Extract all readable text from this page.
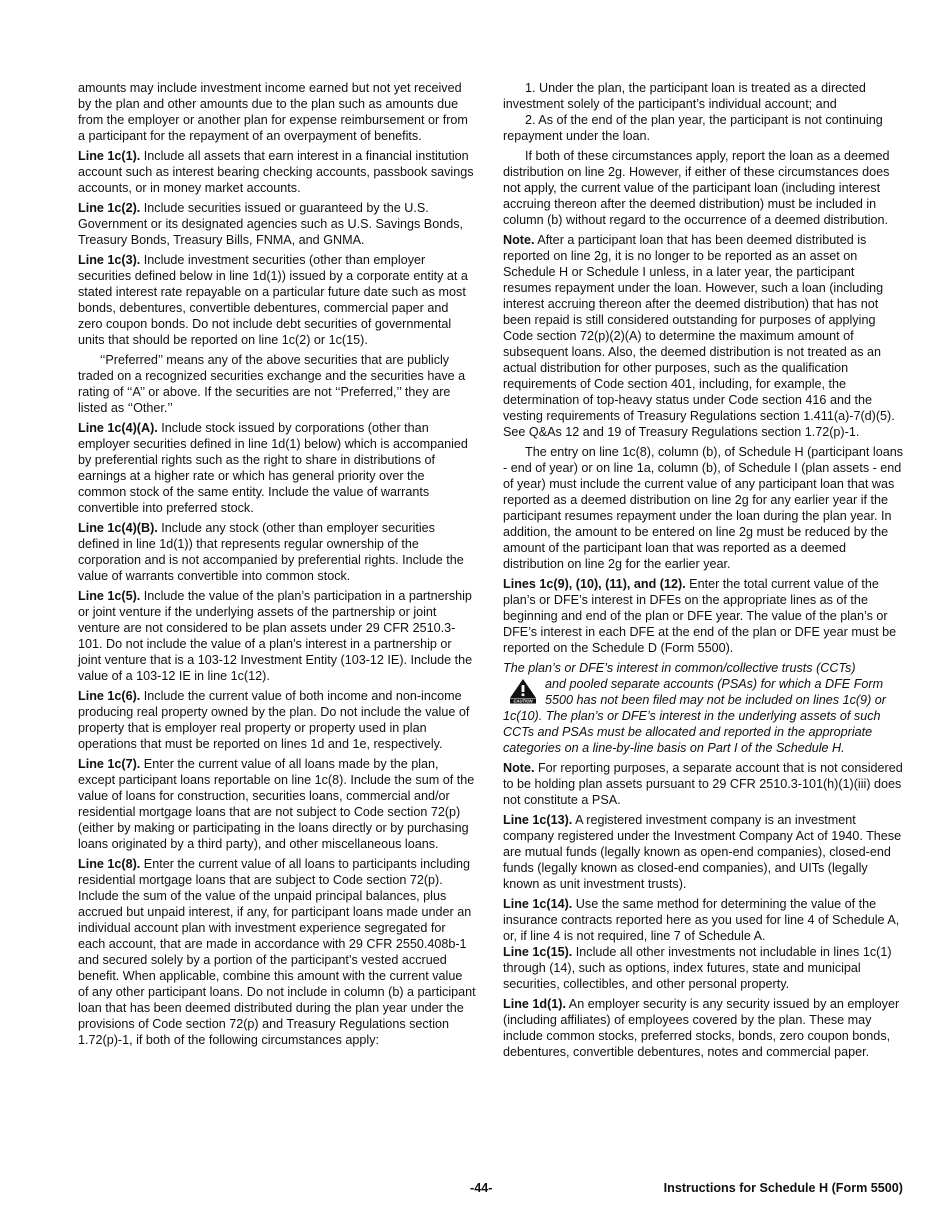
amounts may include investment income earned but not yet received by the plan and other amounts due to the plan such as amounts due from the employer or another plan for expense reimbursement or from a participant for the repayment of an overpayment of benefits.

Line 1c(1). Include all assets that earn interest in a financial institution account such as interest bearing checking accounts, passbook savings accounts, or in money market accounts.

Line 1c(2). Include securities issued or guaranteed by the U.S. Government or its designated agencies such as U.S. Savings Bonds, Treasury Bonds, Treasury Bills, FNMA, and GNMA.

Line 1c(3). Include investment securities (other than employer securities defined below in line 1d(1)) issued by a corporate entity at a stated interest rate repayable on a particular future date such as most bonds, debentures, convertible debentures, commercial paper and zero coupon bonds. Do not include debt securities of governmental units that should be reported on line 1c(2) or 1c(15).

‘‘Preferred’’ means any of the above securities that are publicly traded on a recognized securities exchange and the securities have a rating of ‘‘A’’ or above. If the securities are not ‘‘Preferred,’’ they are listed as ‘‘Other.’’

Line 1c(4)(A). Include stock issued by corporations (other than employer securities defined in line 1d(1) below) which is accompanied by preferential rights such as the right to share in distributions of earnings at a higher rate or which has general priority over the common stock of the same entity. Include the value of warrants convertible into preferred stock.

Line 1c(4)(B). Include any stock (other than employer securities defined in line 1d(1)) that represents regular ownership of the corporation and is not accompanied by preferential rights. Include the value of warrants convertible into common stock.

Line 1c(5). Include the value of the plan’s participation in a partnership or joint venture if the underlying assets of the partnership or joint venture are not considered to be plan assets under 29 CFR 2510.3-101. Do not include the value of a plan’s interest in a partnership or joint venture that is a 103-12 Investment Entity (103-12 IE). Include the value of a 103-12 IE in line 1c(12).

Line 1c(6). Include the current value of both income and non-income producing real property owned by the plan. Do not include the value of property that is employer real property or property used in plan operations that must be reported on lines 1d and 1e, respectively.

Line 1c(7). Enter the current value of all loans made by the plan, except participant loans reportable on line 1c(8). Include the sum of the value of loans for construction, securities loans, commercial and/or residential mortgage loans that are not subject to Code section 72(p) (either by making or participating in the loans directly or by purchasing loans originated by a third party), and other miscellaneous loans.

Line 1c(8). Enter the current value of all loans to participants including residential mortgage loans that are subject to Code section 72(p). Include the sum of the value of the unpaid principal balances, plus accrued but unpaid interest, if any, for participant loans made under an individual account plan with investment experience segregated for each account, that are made in accordance with 29 CFR 2550.408b-1 and secured solely by a portion of the participant’s vested accrued benefit. When applicable, combine this amount with the current value of any other participant loans. Do not include in column (b) a participant loan that has been deemed distributed during the plan year under the provisions of Code section 72(p) and Treasury Regulations section 1.72(p)-1, if both of the following circumstances apply:

1. Under the plan, the participant loan is treated as a directed investment solely of the participant’s individual account; and

2. As of the end of the plan year, the participant is not continuing repayment under the loan.

If both of these circumstances apply, report the loan as a deemed distribution on line 2g. However, if either of these circumstances does not apply, the current value of the participant loan (including interest accruing thereon after the deemed distribution) must be included in column (b) without regard to the occurrence of a deemed distribution.

Note. After a participant loan that has been deemed distributed is reported on line 2g, it is no longer to be reported as an asset on Schedule H or Schedule I unless, in a later year, the participant resumes repayment under the loan. However, such a loan (including interest accruing thereon after the deemed distribution) that has not been repaid is still considered outstanding for purposes of applying Code section 72(p)(2)(A) to determine the maximum amount of subsequent loans. Also, the deemed distribution is not treated as an actual distribution for other purposes, such as the qualification requirements of Code section 401, including, for example, the determination of top-heavy status under Code section 416 and the vesting requirements of Treasury Regulations section 1.411(a)-7(d)(5). See Q&As 12 and 19 of Treasury Regulations section 1.72(p)-1.

The entry on line 1c(8), column (b), of Schedule H (participant loans - end of year) or on line 1a, column (b), of Schedule I (plan assets - end of year) must include the current value of any participant loan that was reported as a deemed distribution on line 2g for any earlier year if the participant resumes repayment under the loan during the plan year. In addition, the amount to be entered on line 2g must be reduced by the amount of the participant loan that was reported as a deemed distribution on line 2g for the earlier year.

Lines 1c(9), (10), (11), and (12). Enter the total current value of the plan’s or DFE’s interest in DFEs on the appropriate lines as of the beginning and end of the plan or DFE year. The value of the plan’s or DFE’s interest in each DFE at the end of the plan or DFE year must be reported on the Schedule D (Form 5500).

The plan’s or DFE’s interest in common/collective trusts (CCTs)
CAUTION
and pooled separate accounts (PSAs) for which a DFE Form 5500 has not been filed may not be included on lines 1c(9) or 1c(10). The plan’s or DFE’s interest in the underlying assets of such CCTs and PSAs must be allocated and reported in the appropriate categories on a line-by-line basis on Part I of the Schedule H.

Note. For reporting purposes, a separate account that is not considered to be holding plan assets pursuant to 29 CFR 2510.3-101(h)(1)(iii) does not constitute a PSA.

Line 1c(13). A registered investment company is an investment company registered under the Investment Company Act of 1940. These are mutual funds (legally known as open-end companies), closed-end funds (legally known as closed-end companies), and UITs (legally known as unit investment trusts).

Line 1c(14). Use the same method for determining the value of the insurance contracts reported here as you used for line 4 of Schedule A, or, if line 4 is not required, line 7 of Schedule A.

Line 1c(15). Include all other investments not includable in lines 1c(1) through (14), such as options, index futures, state and municipal securities, collectibles, and other personal property.

Line 1d(1). An employer security is any security issued by an employer (including affiliates) of employees covered by the plan. These may include common stocks, preferred stocks, bonds, zero coupon bonds, debentures, convertible debentures, notes and commercial paper.

-44-	Instructions for Schedule H (Form 5500)
